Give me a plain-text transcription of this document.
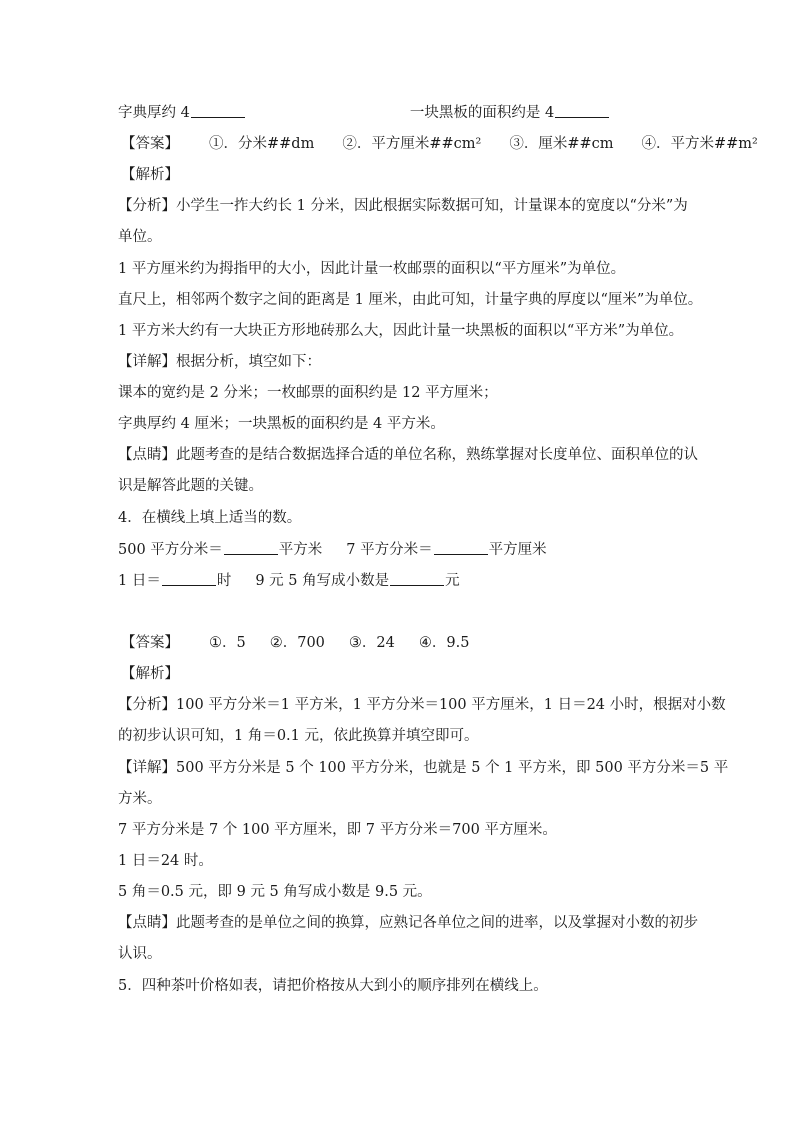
字典厚约 4	一块黑板的面积约是 4
【答案】 ①．分米##dm ②．平方厘米##cm² ③．厘米##cm ④．平方米##m²
【解析】
【分析】小学生一拃大约长 1 分米，因此根据实际数据可知，计量课本的宽度以“分米”为
单位。
1 平方厘米约为拇指甲的大小，因此计量一枚邮票的面积以“平方厘米”为单位。
直尺上，相邻两个数字之间的距离是 1 厘米，由此可知，计量字典的厚度以“厘米”为单位。
1 平方米大约有一大块正方形地砖那么大，因此计量一块黑板的面积以“平方米”为单位。
【详解】根据分析，填空如下：
课本的宽约是 2 分米；一枚邮票的面积约是 12 平方厘米；
字典厚约 4 厘米；一块黑板的面积约是 4 平方米。
【点睛】此题考查的是结合数据选择合适的单位名称，熟练掌握对长度单位、面积单位的认
识是解答此题的关键。
4．在横线上填上适当的数。
500 平方分米＝	平方米 7 平方分米＝	平方厘米
1 日＝	时 9 元 5 角写成小数是	元
【答案】 ①．5 ②．700 ③．24 ④．9.5
【解析】
【分析】100 平方分米＝1 平方米，1 平方分米＝100 平方厘米，1 日＝24 小时，根据对小数
的初步认识可知，1 角＝0.1 元，依此换算并填空即可。
【详解】500 平方分米是 5 个 100 平方分米，也就是 5 个 1 平方米，即 500 平方分米＝5 平
方米。
7 平方分米是 7 个 100 平方厘米，即 7 平方分米＝700 平方厘米。
1 日＝24 时。
5 角＝0.5 元，即 9 元 5 角写成小数是 9.5 元。
【点睛】此题考查的是单位之间的换算，应熟记各单位之间的进率，以及掌握对小数的初步
认识。
5．四种茶叶价格如表，请把价格按从大到小的顺序排列在横线上。
